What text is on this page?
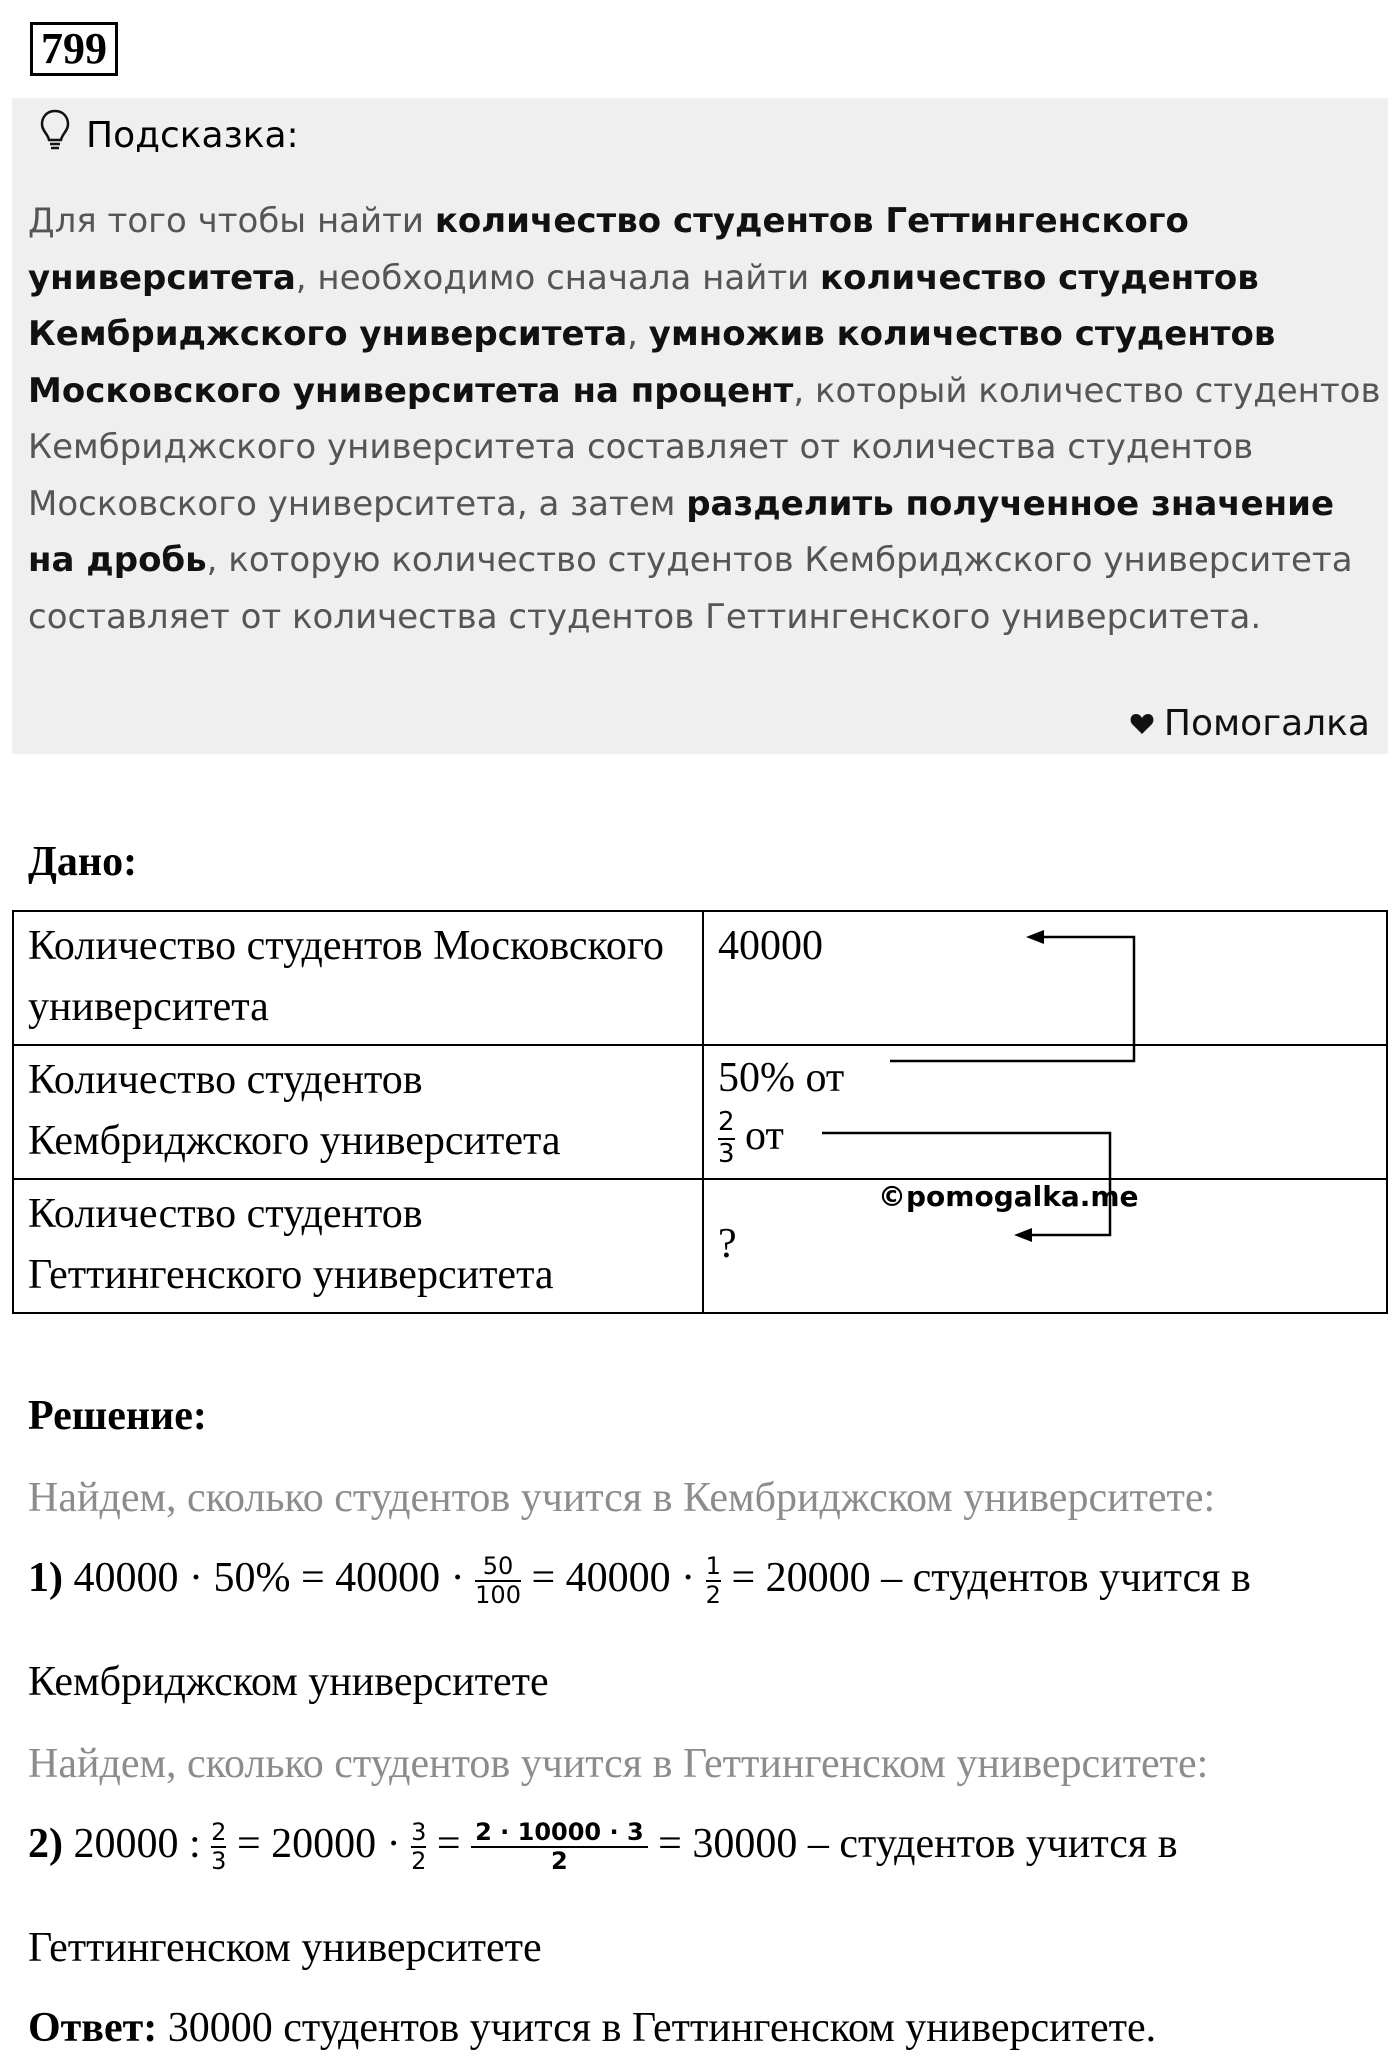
799
Подсказка:
Для того чтобы найти количество студентов Геттингенского университета, необходимо сначала найти количество студентов Кембриджского университета, умножив количество студентов Московского университета на процент, который количество студентов Кембриджского университета составляет от количества студентов Московского университета, а затем разделить полученное значение на дробь, которую количество студентов Кембриджского университета составляет от количества студентов Геттингенского университета.
Помогалка
Дано:
Количество студентов Московского университета	40000
Количество студентов Кембриджского университета	50% от
$\frac{2}{3}$ от

Количество студентов Геттингенского университета	?
©pomogalka.me
Решение:
Найдем, сколько студентов учится в Кембриджском университете:
1) $40000 \cdot 50\% = 40000 \cdot \frac{50}{100} = 40000 \cdot \frac{1}{2} = 20000$ – студентов учится в
Кембриджском университете
Найдем, сколько студентов учится в Геттингенском университете:
2) 20000 : $\frac{2}{3} = 20000 \cdot \frac{3}{2} = \frac{2 \cdot 10000 \cdot 3}{2} = 30000$ – студентов учится в
Геттингенском университете
Ответ: 30000 студентов учится в Геттингенском университете.
